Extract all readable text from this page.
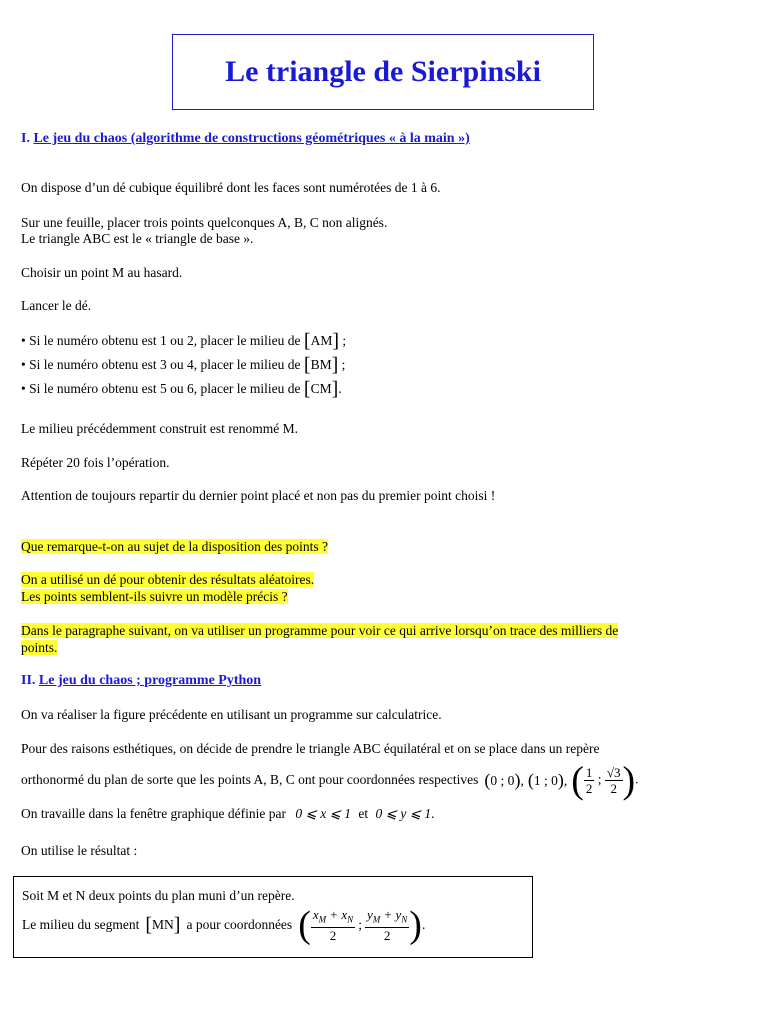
Le triangle de Sierpinski
I. Le jeu du chaos (algorithme de constructions géométriques « à la main »)
On dispose d’un dé cubique équilibré dont les faces sont numérotées de 1 à 6.
Sur une feuille, placer trois points quelconques A, B, C non alignés.
Le triangle ABC est le « triangle de base ».
Choisir un point M au hasard.
Lancer le dé.
• Si le numéro obtenu est 1 ou 2, placer le milieu de [AM] ;
• Si le numéro obtenu est 3 ou 4, placer le milieu de [BM] ;
• Si le numéro obtenu est 5 ou 6, placer le milieu de [CM].
Le milieu précédemment construit est renommé M.
Répéter 20 fois l’opération.
Attention de toujours repartir du dernier point placé et non pas du premier point choisi !
Que remarque-t-on au sujet de la disposition des points ?
On a utilisé un dé pour obtenir des résultats aléatoires.
Les points semblent-ils suivre un modèle précis ?
Dans le paragraphe suivant, on va utiliser un programme pour voir ce qui arrive lorsqu’on trace des milliers de
points.
II. Le jeu du chaos ; programme Python
On va réaliser la figure précédente en utilisant un programme sur calculatrice.
Pour des raisons esthétiques, on décide de prendre le triangle ABC équilatéral et on se place dans un repère
orthonormé du plan de sorte que les points A, B, C ont pour coordonnées respectives (0 ; 0), (1 ; 0), ( $\frac{1}{2}$ ; $\frac{√3}{2}$ ).
On travaille dans la fenêtre graphique définie par 0 ⩽ x ⩽ 1 et 0 ⩽ y ⩽ 1.
On utilise le résultat :
Soit M et N deux points du plan muni d’un repère.
Le milieu du segment [ MN ] a pour coordonnées ( $\frac{x_M + x_N}{2}$ ; $\frac{y_M + y_N}{2}$ ) .
